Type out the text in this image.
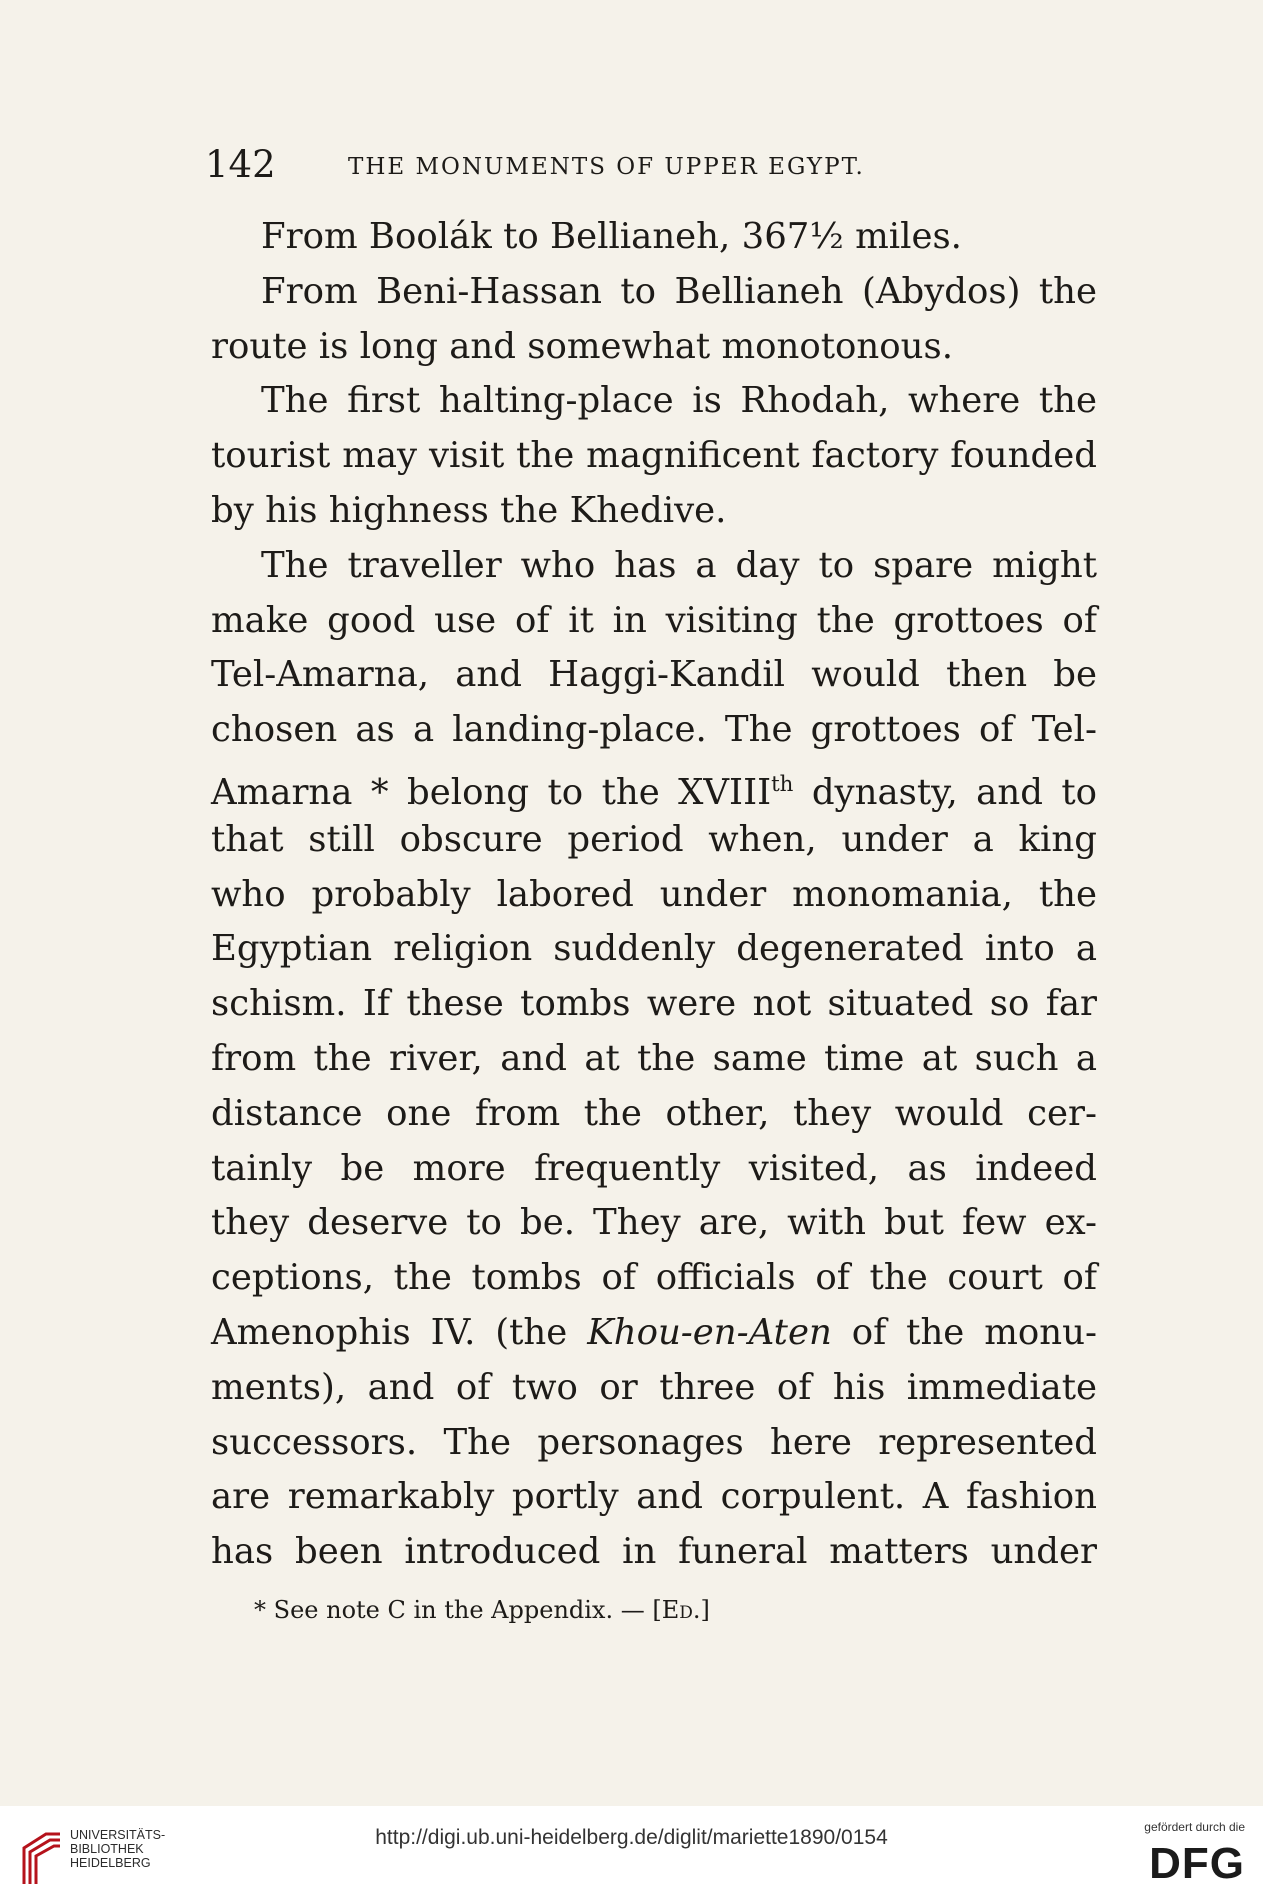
142	THE MONUMENTS OF UPPER EGYPT.
From Boolák to Bellianeh, 367½ miles.
From Beni-Hassan to Bellianeh (Abydos) the
route is long and somewhat monotonous.
The first halting-place is Rhodah, where the
tourist may visit the magnificent factory founded
by his highness the Khedive.
The traveller who has a day to spare might
make good use of it in visiting the grottoes of
Tel-Amarna, and Haggi-Kandil would then be
chosen as a landing-place. The grottoes of Tel-
Amarna * belong to the XVIIIth dynasty, and to
that still obscure period when, under a king
who probably labored under monomania, the
Egyptian religion suddenly degenerated into a
schism. If these tombs were not situated so far
from the river, and at the same time at such a
distance one from the other, they would cer-
tainly be more frequently visited, as indeed
they deserve to be. They are, with but few ex-
ceptions, the tombs of officials of the court of
Amenophis IV. (the Khou-en-Aten of the monu-
ments), and of two or three of his immediate
successors. The personages here represented
are remarkably portly and corpulent. A fashion
has been introduced in funeral matters under
* See note C in the Appendix. — [Ed.]
UNIVERSITÄTS-
BIBLIOTHEK
HEIDELBERG
http://digi.ub.uni-heidelberg.de/diglit/mariette1890/0154	gefördert durch die
DFG
